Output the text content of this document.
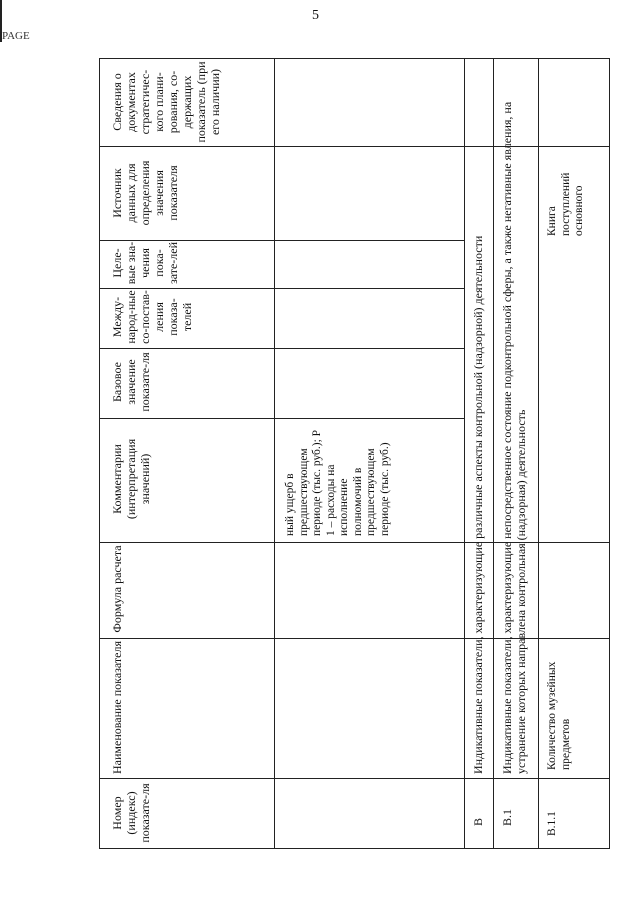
PAGE
5
Номер (индекс) показате-ля
Наименование показателя
Формула расчета
Комментарии (интерпретация значений)
Базовое значение показате-ля
Между-народ-ные со-постав-ления показа-телей
Целе-вые зна-чения пока-зате-лей
Источник данных для определения значения показателя
Сведения о документах стратегичес-кого плани-рования, со-держащих показатель (при его наличии)
ный ущерб в предшествующем периоде (тыс. руб.); Р 1 – расходы на исполнение полномочий в предшествующем периоде (тыс. руб.)
В
Индикативные показатели, характеризующие различные аспекты контрольной (надзорной) деятельности
В.1
Индикативные показатели, характеризующие непосредственное состояние подконтрольной сферы, а также негативные явления, на устранение которых направлена контрольная (надзорная) деятельность
В.1.1
Количество музейных предметов
Книга поступлений основного
